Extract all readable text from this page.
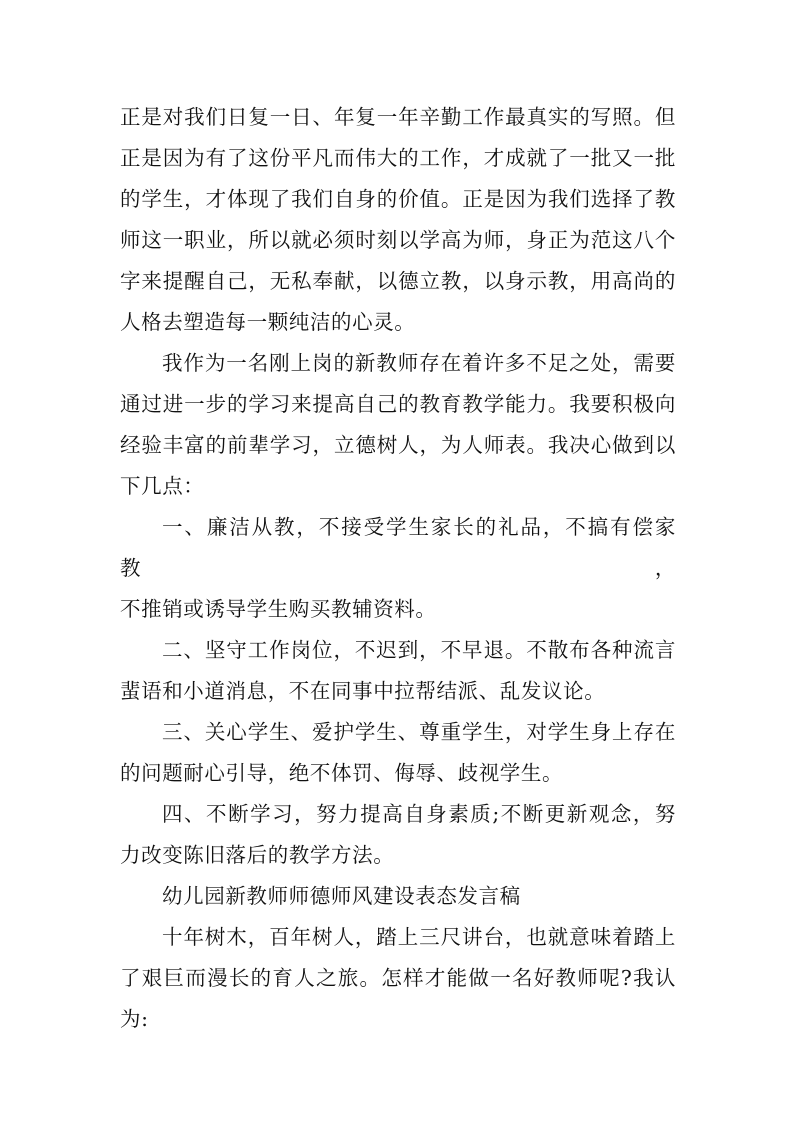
正是对我们日复一日、年复一年辛勤工作最真实的写照。但
正是因为有了这份平凡而伟大的工作，才成就了一批又一批
的学生，才体现了我们自身的价值。正是因为我们选择了教
师这一职业，所以就必须时刻以学高为师，身正为范这八个
字来提醒自己，无私奉献，以德立教，以身示教，用高尚的
人格去塑造每一颗纯洁的心灵。

我作为一名刚上岗的新教师存在着许多不足之处，需要
通过进一步的学习来提高自己的教育教学能力。我要积极向
经验丰富的前辈学习，立德树人，为人师表。我决心做到以
下几点：

一、廉洁从教，不接受学生家长的礼品，不搞有偿家教，
不推销或诱导学生购买教辅资料。

二、坚守工作岗位，不迟到，不早退。不散布各种流言
蜚语和小道消息，不在同事中拉帮结派、乱发议论。

三、关心学生、爱护学生、尊重学生，对学生身上存在
的问题耐心引导，绝不体罚、侮辱、歧视学生。

四、不断学习，努力提高自身素质;不断更新观念，努
力改变陈旧落后的教学方法。

幼儿园新教师师德师风建设表态发言稿

十年树木，百年树人，踏上三尺讲台，也就意味着踏上
了艰巨而漫长的育人之旅。怎样才能做一名好教师呢?我认
为:
